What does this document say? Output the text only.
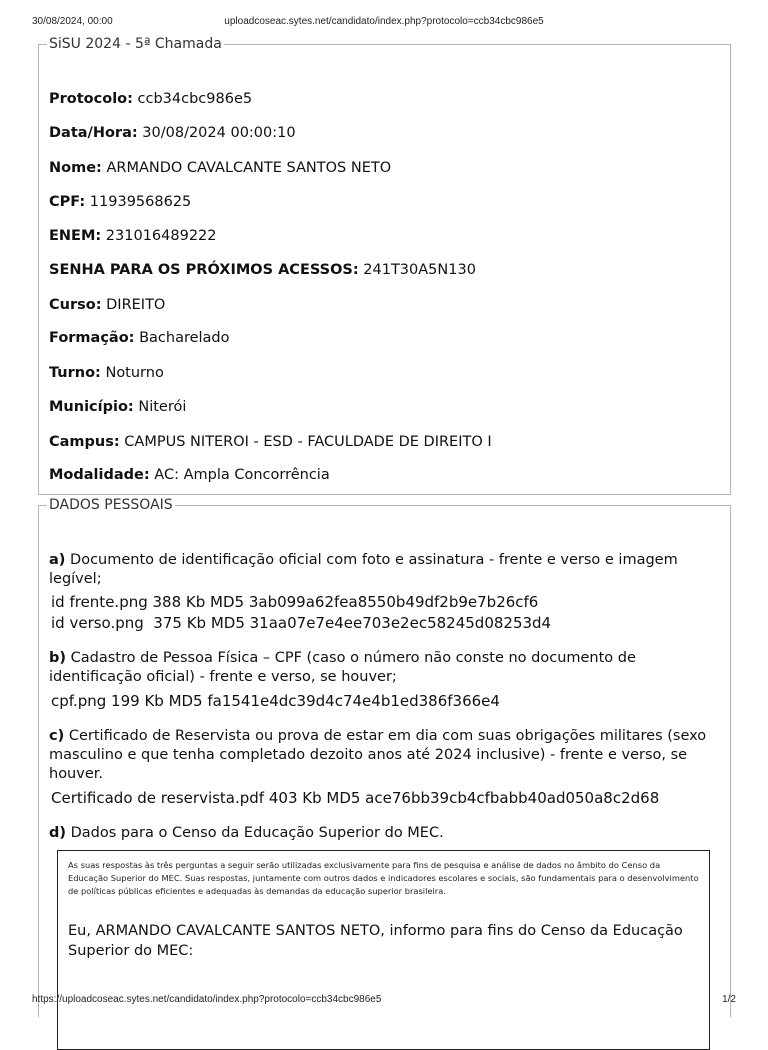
30/08/2024, 00:00	uploadcoseac.sytes.net/candidato/index.php?protocolo=ccb34cbc986e5
SiSU 2024 - 5ª Chamada
Protocolo: ccb34cbc986e5
Data/Hora: 30/08/2024 00:00:10
Nome: ARMANDO CAVALCANTE SANTOS NETO
CPF: 11939568625
ENEM: 231016489222
SENHA PARA OS PRÓXIMOS ACESSOS: 241T30A5N130
Curso: DIREITO
Formação: Bacharelado
Turno: Noturno
Município: Niterói
Campus: CAMPUS NITEROI - ESD - FACULDADE DE DIREITO I
Modalidade: AC: Ampla Concorrência
DADOS PESSOAIS
a) Documento de identificação oficial com foto e assinatura - frente e verso e imagem legível;
id frente.png 388 Kb MD5 3ab099a62fea8550b49df2b9e7b26cf6
id verso.png  375 Kb MD5 31aa07e7e4ee703e2ec58245d08253d4
b) Cadastro de Pessoa Física – CPF (caso o número não conste no documento de identificação oficial) - frente e verso, se houver;
cpf.png 199 Kb MD5 fa1541e4dc39d4c74e4b1ed386f366e4
c) Certificado de Reservista ou prova de estar em dia com suas obrigações militares (sexo masculino e que tenha completado dezoito anos até 2024 inclusive) - frente e verso, se houver.
Certificado de reservista.pdf 403 Kb MD5 ace76bb39cb4cfbabb40ad050a8c2d68
d) Dados para o Censo da Educação Superior do MEC.
As suas respostas às três perguntas a seguir serão utilizadas exclusivamente para fins de pesquisa e análise de dados no âmbito do Censo da Educação Superior do MEC. Suas respostas, juntamente com outros dados e indicadores escolares e sociais, são fundamentais para o desenvolvimento de políticas públicas eficientes e adequadas às demandas da educação superior brasileira.
Eu, ARMANDO CAVALCANTE SANTOS NETO, informo para fins do Censo da Educação Superior do MEC:
https://uploadcoseac.sytes.net/candidato/index.php?protocolo=ccb34cbc986e5	1/2
